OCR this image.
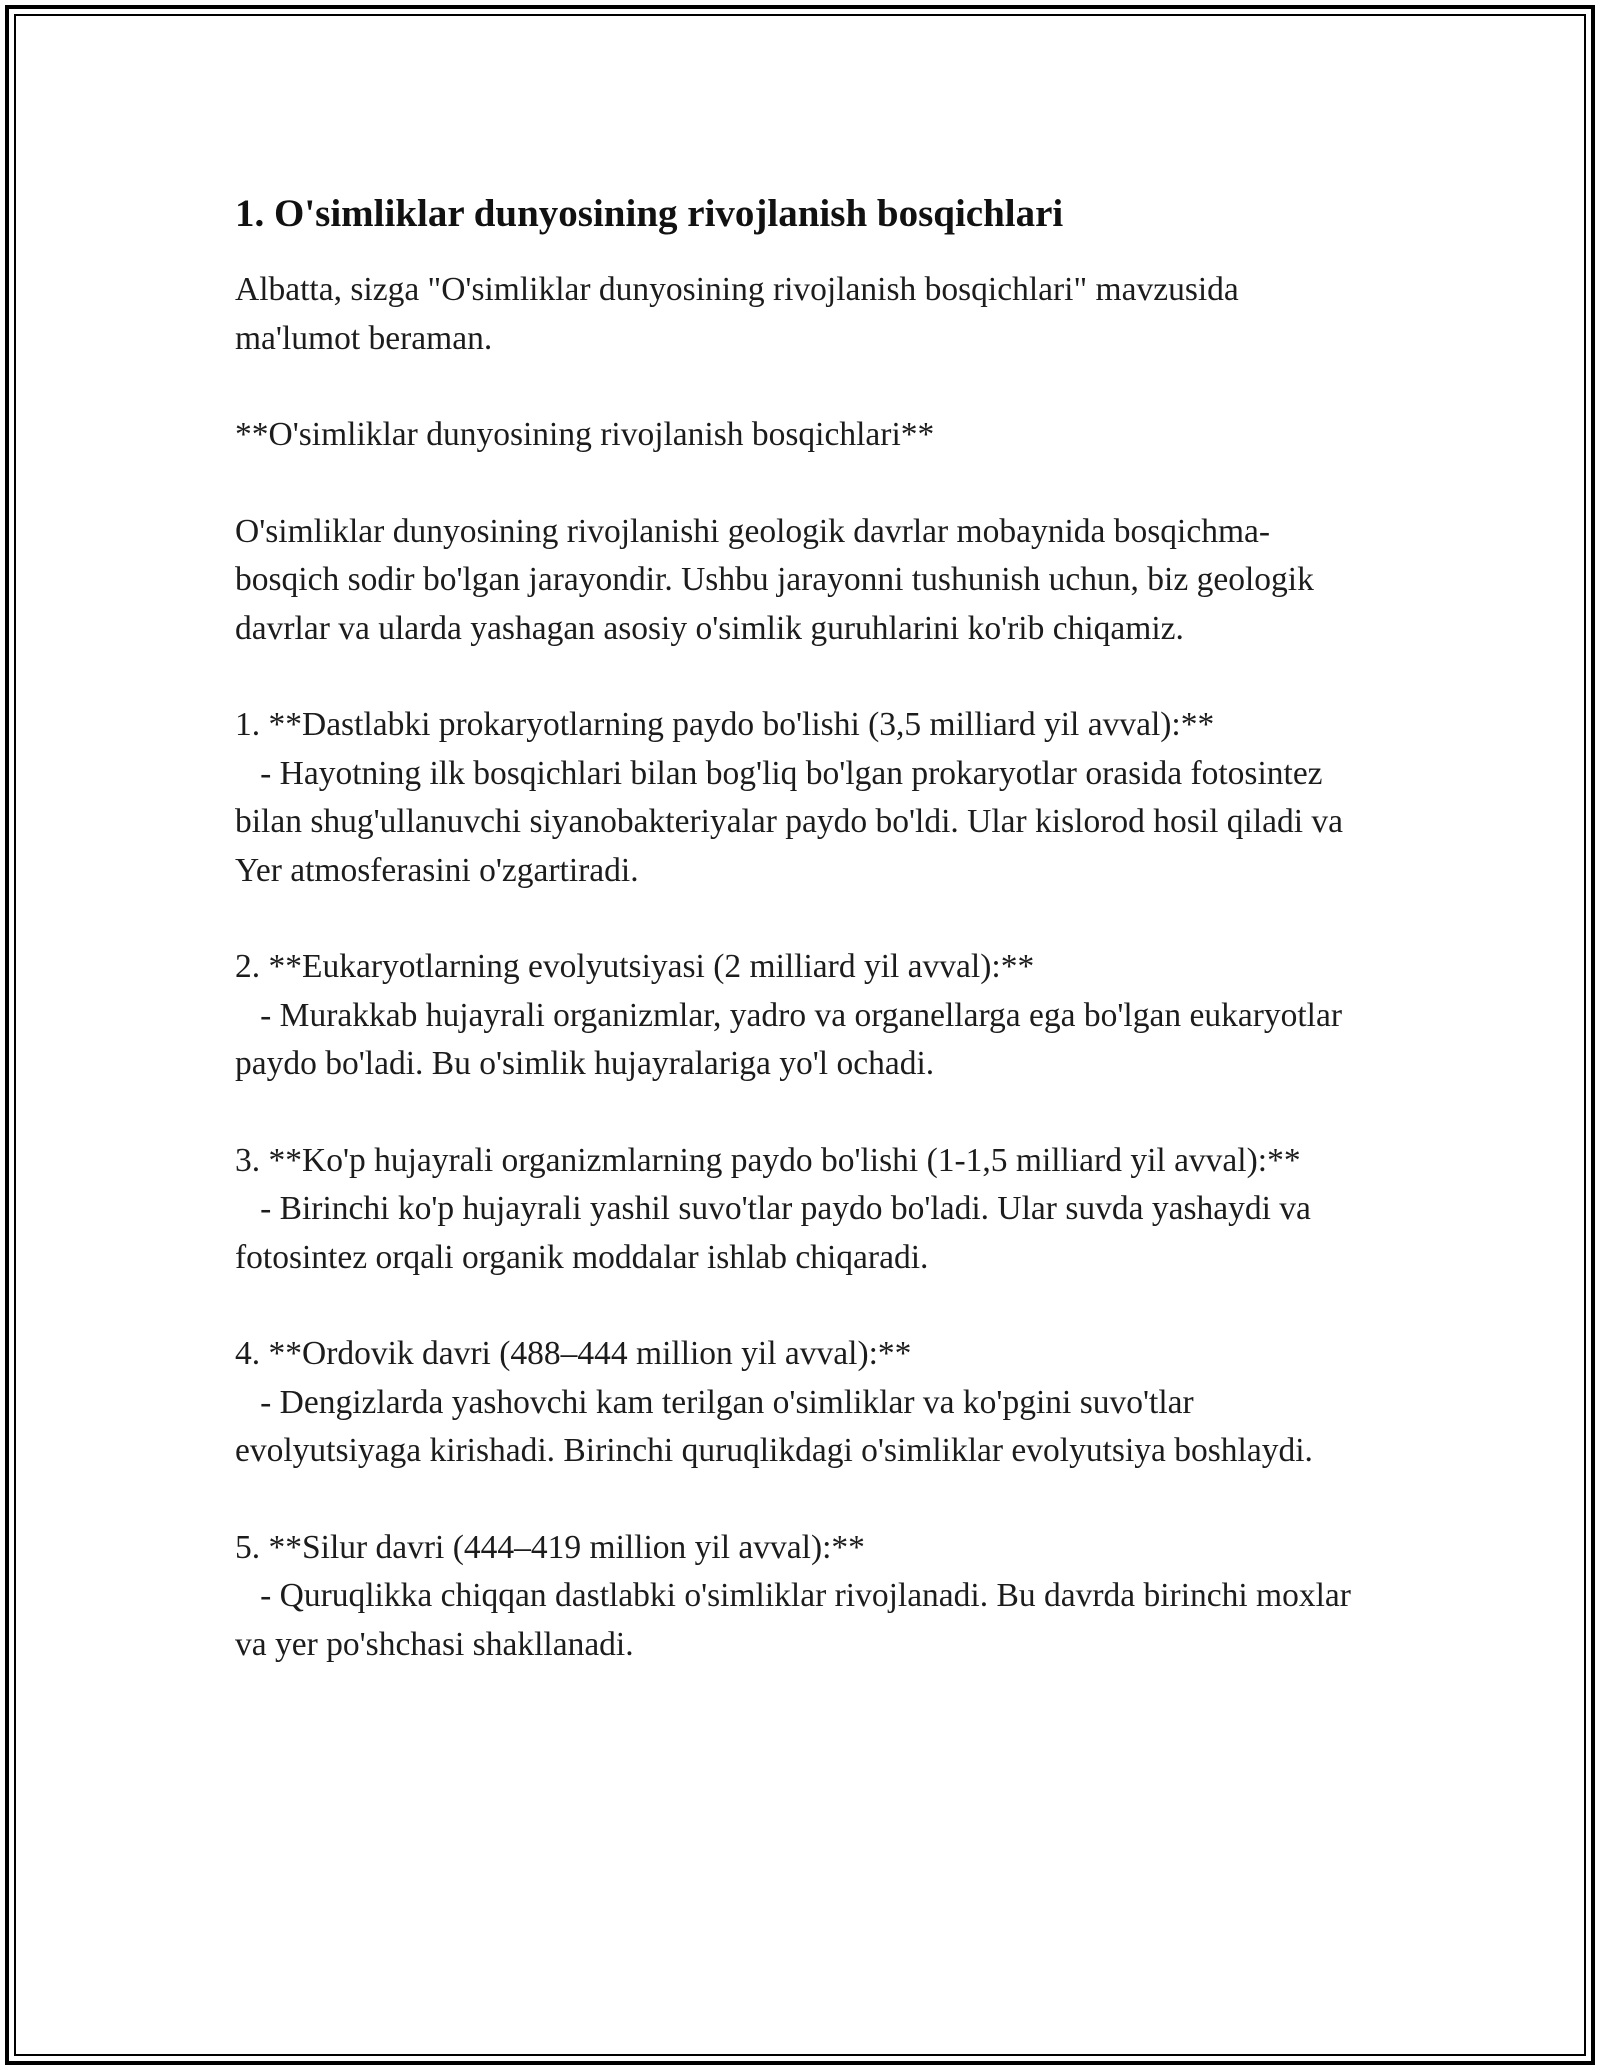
1. O'simliklar dunyosining rivojlanish bosqichlari

Albatta, sizga "O'simliklar dunyosining rivojlanish bosqichlari" mavzusida ma'lumot beraman.

**O'simliklar dunyosining rivojlanish bosqichlari**

O'simliklar dunyosining rivojlanishi geologik davrlar mobaynida bosqichma-bosqich sodir bo'lgan jarayondir. Ushbu jarayonni tushunish uchun, biz geologik davrlar va ularda yashagan asosiy o'simlik guruhlarini ko'rib chiqamiz.

1. **Dastlabki prokaryotlarning paydo bo'lishi (3,5 milliard yil avval):**
- Hayotning ilk bosqichlari bilan bog'liq bo'lgan prokaryotlar orasida fotosintez bilan shug'ullanuvchi siyanobakteriyalar paydo bo'ldi. Ular kislorod hosil qiladi va Yer atmosferasini o'zgartiradi.

2. **Eukaryotlarning evolyutsiyasi (2 milliard yil avval):**
- Murakkab hujayrali organizmlar, yadro va organellarga ega bo'lgan eukaryotlar paydo bo'ladi. Bu o'simlik hujayralariga yo'l ochadi.

3. **Ko'p hujayrali organizmlarning paydo bo'lishi (1-1,5 milliard yil avval):**
- Birinchi ko'p hujayrali yashil suvo'tlar paydo bo'ladi. Ular suvda yashaydi va fotosintez orqali organik moddalar ishlab chiqaradi.

4. **Ordovik davri (488–444 million yil avval):**
- Dengizlarda yashovchi kam terilgan o'simliklar va ko'pgini suvo'tlar evolyutsiyaga kirishadi. Birinchi quruqlikdagi o'simliklar evolyutsiya boshlaydi.

5. **Silur davri (444–419 million yil avval):**
- Quruqlikka chiqqan dastlabki o'simliklar rivojlanadi. Bu davrda birinchi moxlar va yer po'shchasi shakllanadi.
